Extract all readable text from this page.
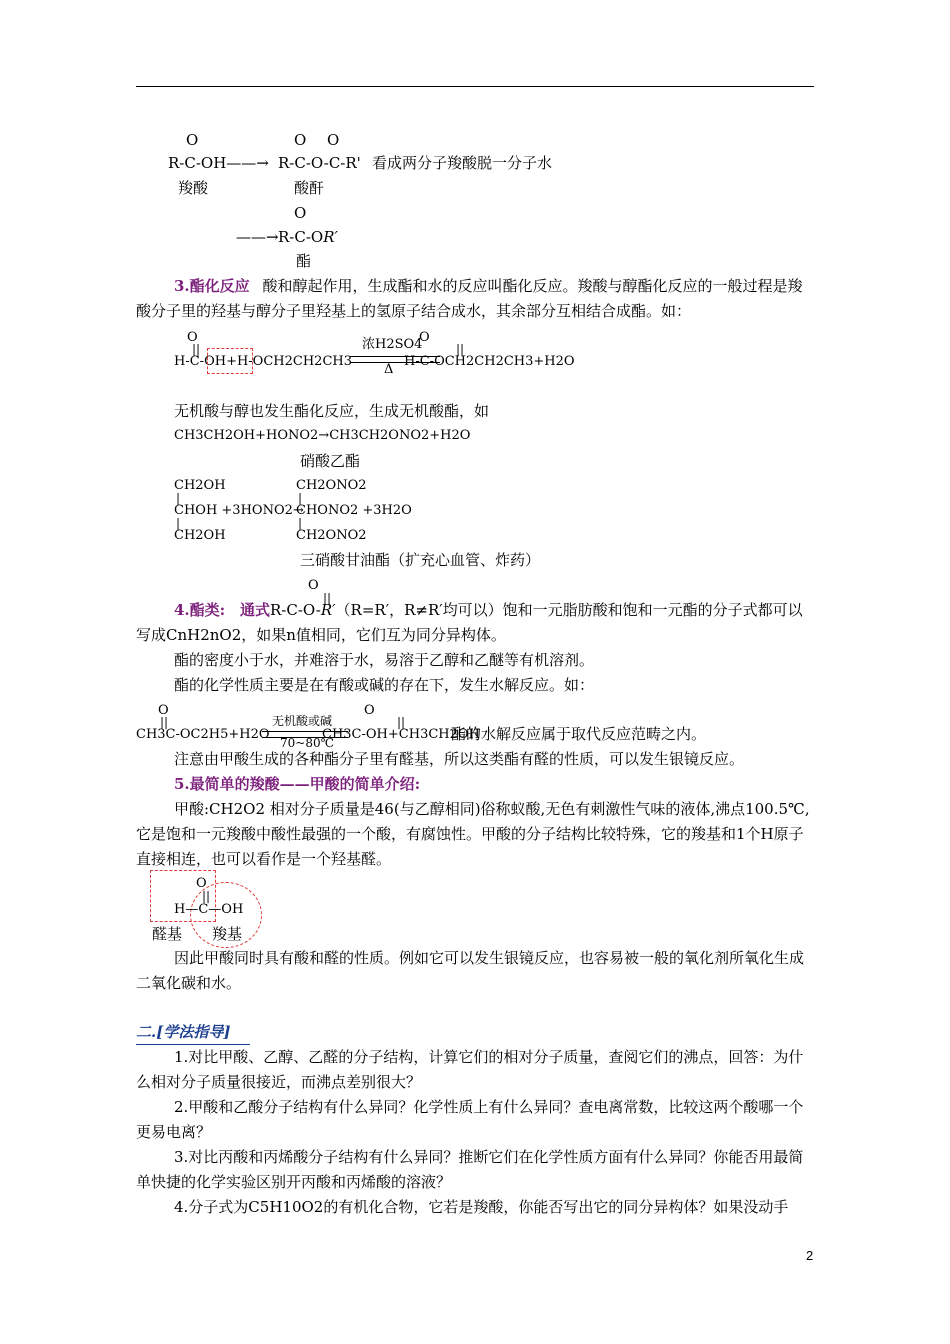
O	O O
R-C-OH——→ R-C-O-C-R' 看成两分子羧酸脱一分子水
羧酸	酸酐
O
——→ R-C-OR′
酯
3.酯化反应 酸和醇起作用，生成酯和水的反应叫酯化反应。羧酸与醇酯化反应的一般过程是羧酸分子里的羟基与醇分子里羟基上的氢原子结合成水，其余部分互相结合成酯。如：
O	O
||
H-C-OH+H-OCH2CH2CH3
浓H2SO4
Δ
||
H-C-OCH2CH2CH3+H2O
无机酸与醇也发生酯化反应，生成无机酸酯，如
CH3CH2OH+HONO2→CH3CH2ONO2+H2O
硝酸乙酯
CH2OH
|
CHOH +3HONO2→
|
CH2OH
CH2ONO2
|
CHONO2 +3H2O
|
CH2ONO2
三硝酸甘油酯（扩充心血管、炸药）
O
||
4.酯类: 通式R-C-O-R′（R=R′，R≠R′均可以）饱和一元脂肪酸和饱和一元酯的分子式都可以写成CnH2nO2，如果n值相同，它们互为同分异构体。
酯的密度小于水，并难溶于水，易溶于乙醇和乙醚等有机溶剂。
酯的化学性质主要是在有酸或碱的存在下，发生水解反应。如：
O
||
O
||
CH3C-OC2H5+H2O
无机酸或碱
70~80℃
CH3C-OH+CH3CH2OH
酯的水解反应属于取代反应范畴之内。
注意由甲酸生成的各种酯分子里有醛基，所以这类酯有醛的性质，可以发生银镜反应。
5.最简单的羧酸——甲酸的简单介绍:
甲酸:CH2O2 相对分子质量是46(与乙醇相同)俗称蚁酸,无色有刺激性气味的液体,沸点100.5℃,它是饱和一元羧酸中酸性最强的一个酸，有腐蚀性。甲酸的分子结构比较特殊，它的羧基和1个H原子直接相连，也可以看作是一个羟基醛。
O
||
H—C—OH
醛基 羧基
因此甲酸同时具有酸和醛的性质。例如它可以发生银镜反应，也容易被一般的氧化剂所氧化生成二氧化碳和水。
二.[学法指导]
1.对比甲酸、乙醇、乙醛的分子结构，计算它们的相对分子质量，查阅它们的沸点，回答：为什么相对分子质量很接近，而沸点差别很大？
2.甲酸和乙酸分子结构有什么异同？化学性质上有什么异同？查电离常数，比较这两个酸哪一个更易电离？
3.对比丙酸和丙烯酸分子结构有什么异同？推断它们在化学性质方面有什么异同？你能否用最简单快捷的化学实验区别开丙酸和丙烯酸的溶液？
4.分子式为C5H10O2的有机化合物，它若是羧酸，你能否写出它的同分异构体？如果没动手
2
